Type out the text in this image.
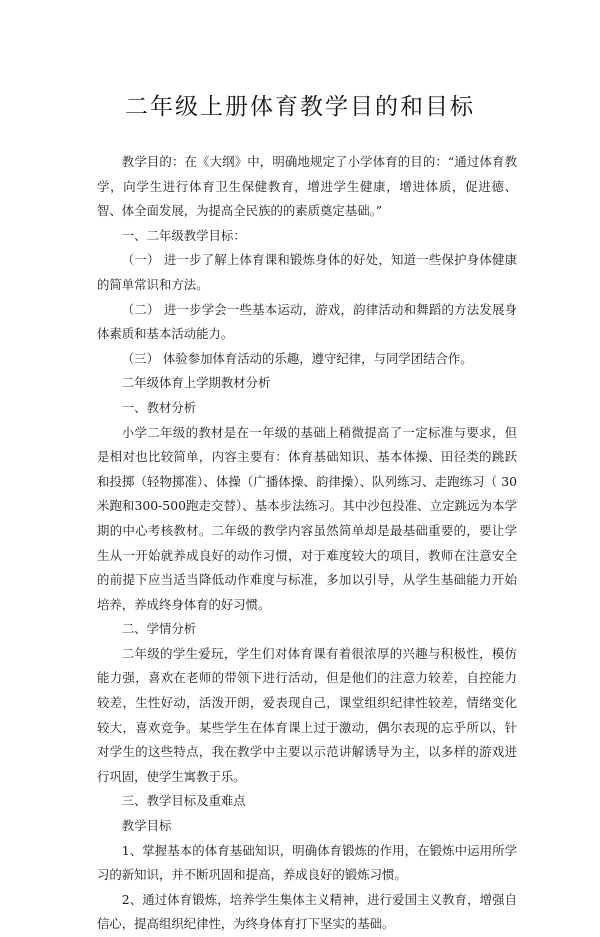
二年级上册体育教学目的和目标

教学目的：在《大纲》中，明确地规定了小学体育的目的：“通过体育教学，向学生进行体育卫生保健教育，增进学生健康，增进体质，促进德、智、体全面发展，为提高全民族的的素质奠定基础。”

一、二年级教学目标：

（一） 进一步了解上体育课和锻炼身体的好处，知道一些保护身体健康的简单常识和方法。

（二） 进一步学会一些基本运动，游戏，韵律活动和舞蹈的方法发展身体素质和基本活动能力。

（三） 体验参加体育活动的乐趣，遵守纪律，与同学团结合作。

二年级体育上学期教材分析

一、教材分析

小学二年级的教材是在一年级的基础上稍微提高了一定标准与要求，但是相对也比较简单，内容主要有：体育基础知识、基本体操、田径类的跳跃和投掷（轻物掷准）、体操（广播体操、韵律操）、队列练习、走跑练习（ 30米跑和300-500跑走交替）、基本步法练习。其中沙包投准、立定跳远为本学期的中心考核教材。二年级的教学内容虽然简单却是最基础重要的，要让学生从一开始就养成良好的动作习惯，对于难度较大的项目，教师在注意安全的前提下应当适当降低动作难度与标准，多加以引导，从学生基础能力开始培养，养成终身体育的好习惯。

二、学情分析

二年级的学生爱玩，学生们对体育课有着很浓厚的兴趣与积极性，模仿能力强，喜欢在老师的带领下进行活动，但是他们的注意力较差，自控能力较差，生性好动，活泼开朗，爱表现自己，课堂组织纪律性较差，情绪变化较大，喜欢竞争。某些学生在体育课上过于激动，偶尔表现的忘乎所以，针对学生的这些特点，我在教学中主要以示范讲解诱导为主，以多样的游戏进行巩固，使学生寓教于乐。

三、教学目标及重难点

教学目标

1、掌握基本的体育基础知识，明确体育锻炼的作用，在锻炼中运用所学习的新知识，并不断巩固和提高，养成良好的锻炼习惯。

2、通过体育锻炼，培养学生集体主义精神，进行爱国主义教育，增强自信心，提高组织纪律性，为终身体育打下坚实的基础。
